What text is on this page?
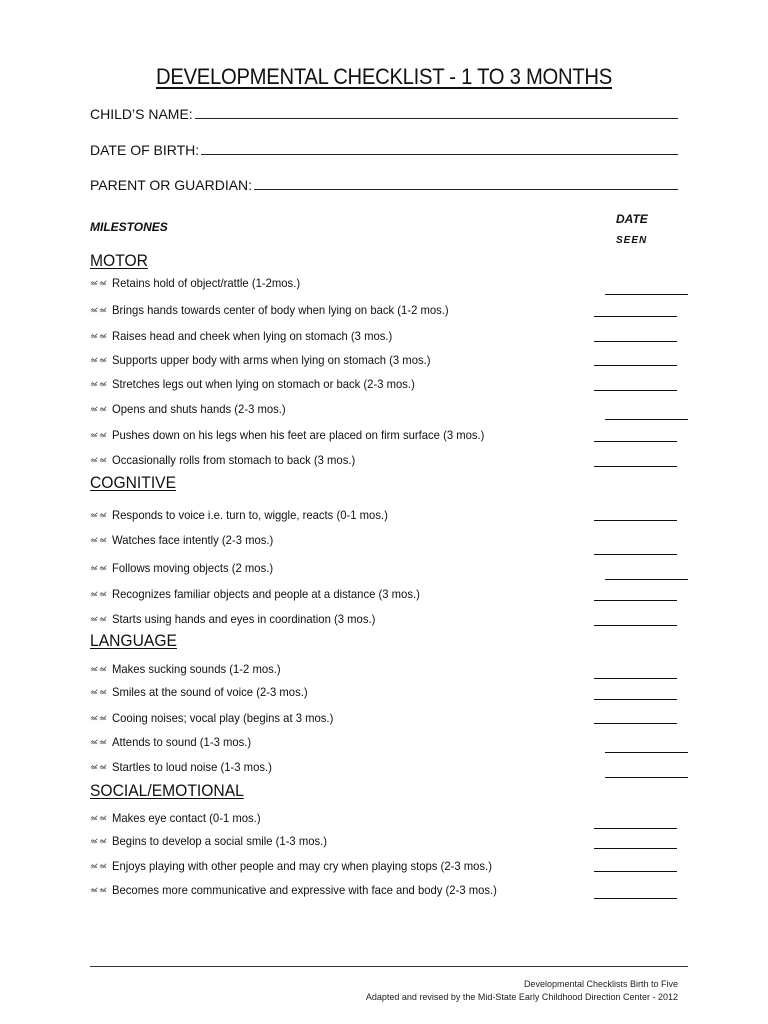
DEVELOPMENTAL CHECKLIST - 1 TO 3 MONTHS
CHILD’S NAME:
DATE OF BIRTH:
PARENT OR GUARDIAN:
MILESTONES
DATE
SEEN
MOTOR
COGNITIVE
LANGUAGE
SOCIAL/EMOTIONAL
Retains hold of object/rattle (1-2mos.)
Brings hands towards center of body when lying on back (1-2 mos.)
Raises head and cheek when lying on stomach (3 mos.)
Supports upper body with arms when lying on stomach (3 mos.)
Stretches legs out when lying on stomach or back (2-3 mos.)
Opens and shuts hands (2-3 mos.)
Pushes down on his legs when his feet are placed on firm surface (3 mos.)
Occasionally rolls from stomach to back (3 mos.)
Responds to voice i.e. turn to, wiggle, reacts (0-1 mos.)
Watches face intently (2-3 mos.)
Follows moving objects (2 mos.)
Recognizes familiar objects and people at a distance (3 mos.)
Starts using hands and eyes in coordination (3 mos.)
Makes sucking sounds (1-2 mos.)
Smiles at the sound of voice (2-3 mos.)
Cooing noises; vocal play (begins at 3 mos.)
Attends to sound (1-3 mos.)
Startles to loud noise (1-3 mos.)
Makes eye contact (0-1 mos.)
Begins to develop a social smile (1-3 mos.)
Enjoys playing with other people and may cry when playing stops (2-3 mos.)
Becomes more communicative and expressive with face and body (2-3 mos.)
Developmental Checklists Birth to Five
Adapted and revised by the Mid-State Early Childhood Direction Center - 2012
